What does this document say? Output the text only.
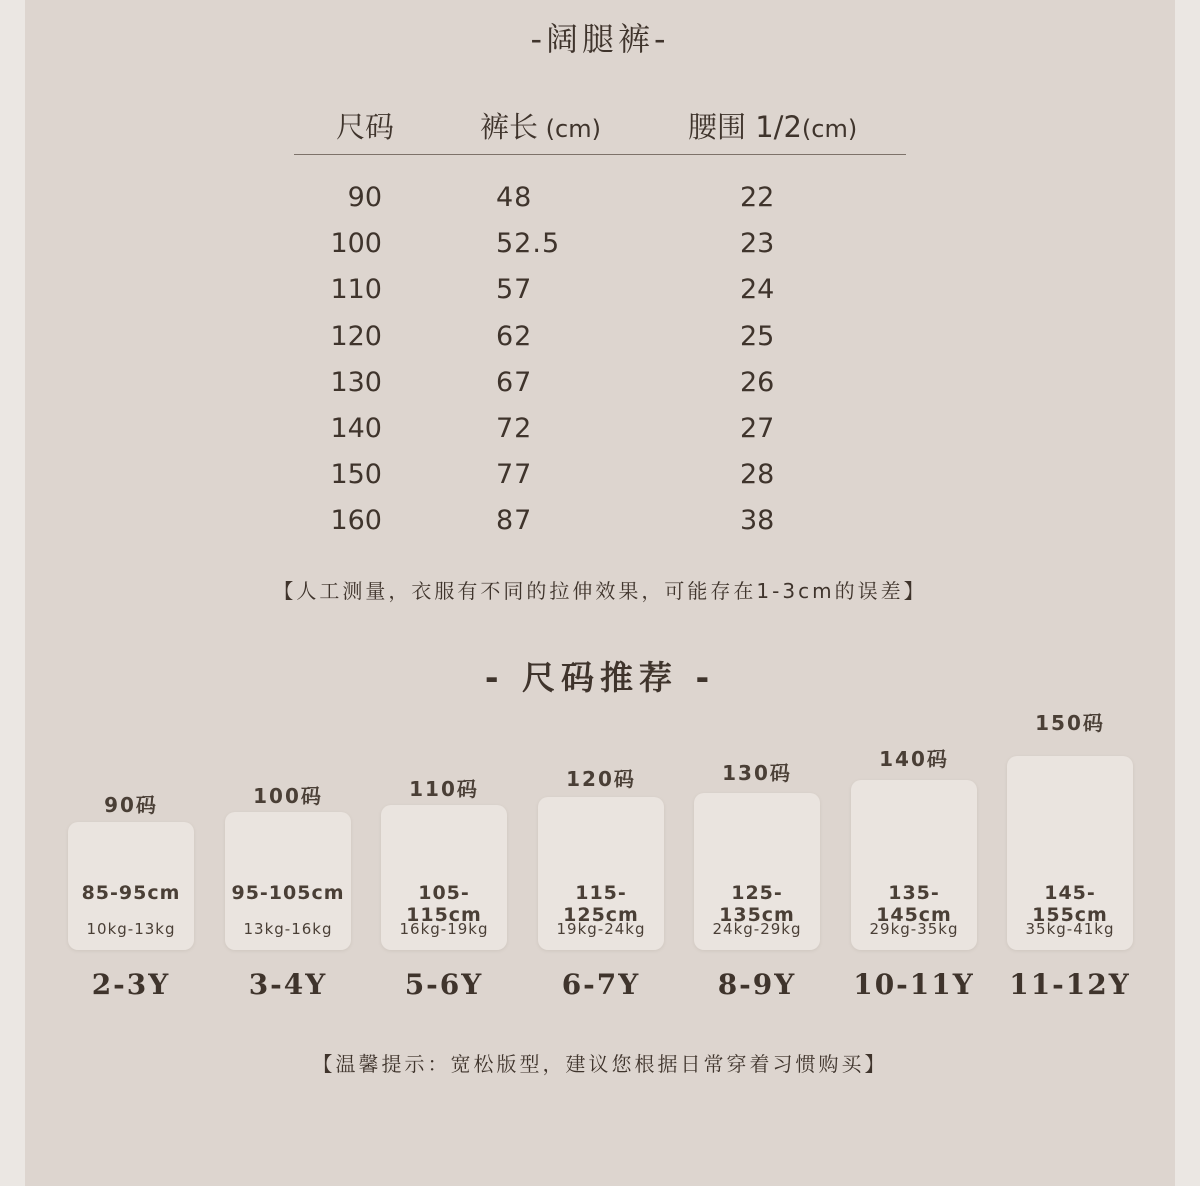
-阔腿裤-
尺码	裤长 (cm)	腰围 1/2(cm)
90	48	22
100	52.5	23
110	57	24
120	62	25
130	67	26
140	72	27
150	77	28
160	87	38
【人工测量，衣服有不同的拉伸效果，可能存在1-3cm的误差】
- 尺码推荐 -
90码
85-95cm
10kg-13kg
2-3Y
100码
95-105cm
13kg-16kg
3-4Y
110码
105-115cm
16kg-19kg
5-6Y
120码
115-125cm
19kg-24kg
6-7Y
130码
125-135cm
24kg-29kg
8-9Y
140码
135-145cm
29kg-35kg
10-11Y
150码
145-155cm
35kg-41kg
11-12Y
【温馨提示：宽松版型，建议您根据日常穿着习惯购买】
